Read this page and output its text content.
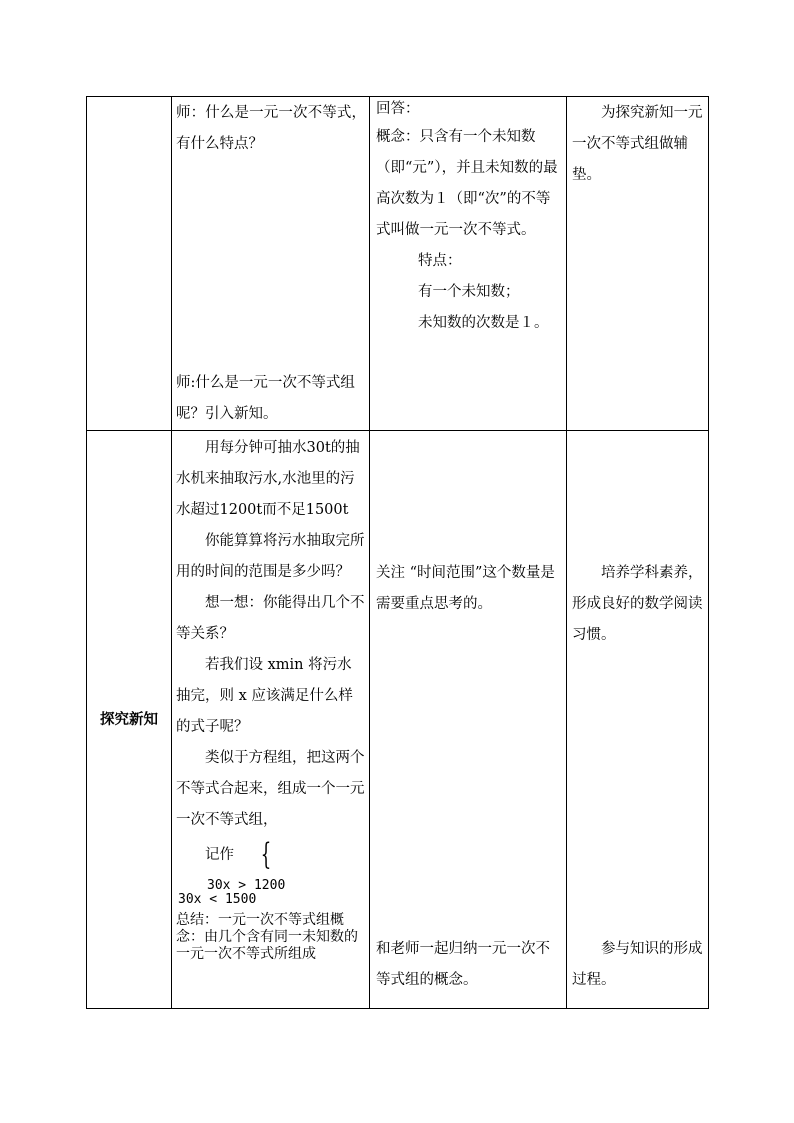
师：什么是一元一次不等式，有什么特点？

师:什么是一元一次不等式组呢？引入新知。

回答：

概念：只含有一个未知数（即“元”），并且未知数的最高次数为１（即“次”的不等式叫做一元一次不等式。

特点：

有一个未知数；

未知数的次数是１。

为探究新知一元一次不等式组做辅垫。

探究新知

用每分钟可抽水30t的抽水机来抽取污水,水池里的污水超过1200t而不足1500t

你能算算将污水抽取完所用的时间的范围是多少吗？

想一想：你能得出几个不等关系？

若我们设 xmin 将污水抽完，则 x 应该满足什么样的式子呢？

类似于方程组，把这两个不等式合起来，组成一个一元一次不等式组，

记作 {30x > 1200
30x < 1500

总结：一元一次不等式组概念：由几个含有同一未知数的一元一次不等式所组成

关注 “时间范围”这个数量是需要重点思考的。

和老师一起归纳一元一次不等式组的概念。

培养学科素养，形成良好的数学阅读习惯。

参与知识的形成过程。
